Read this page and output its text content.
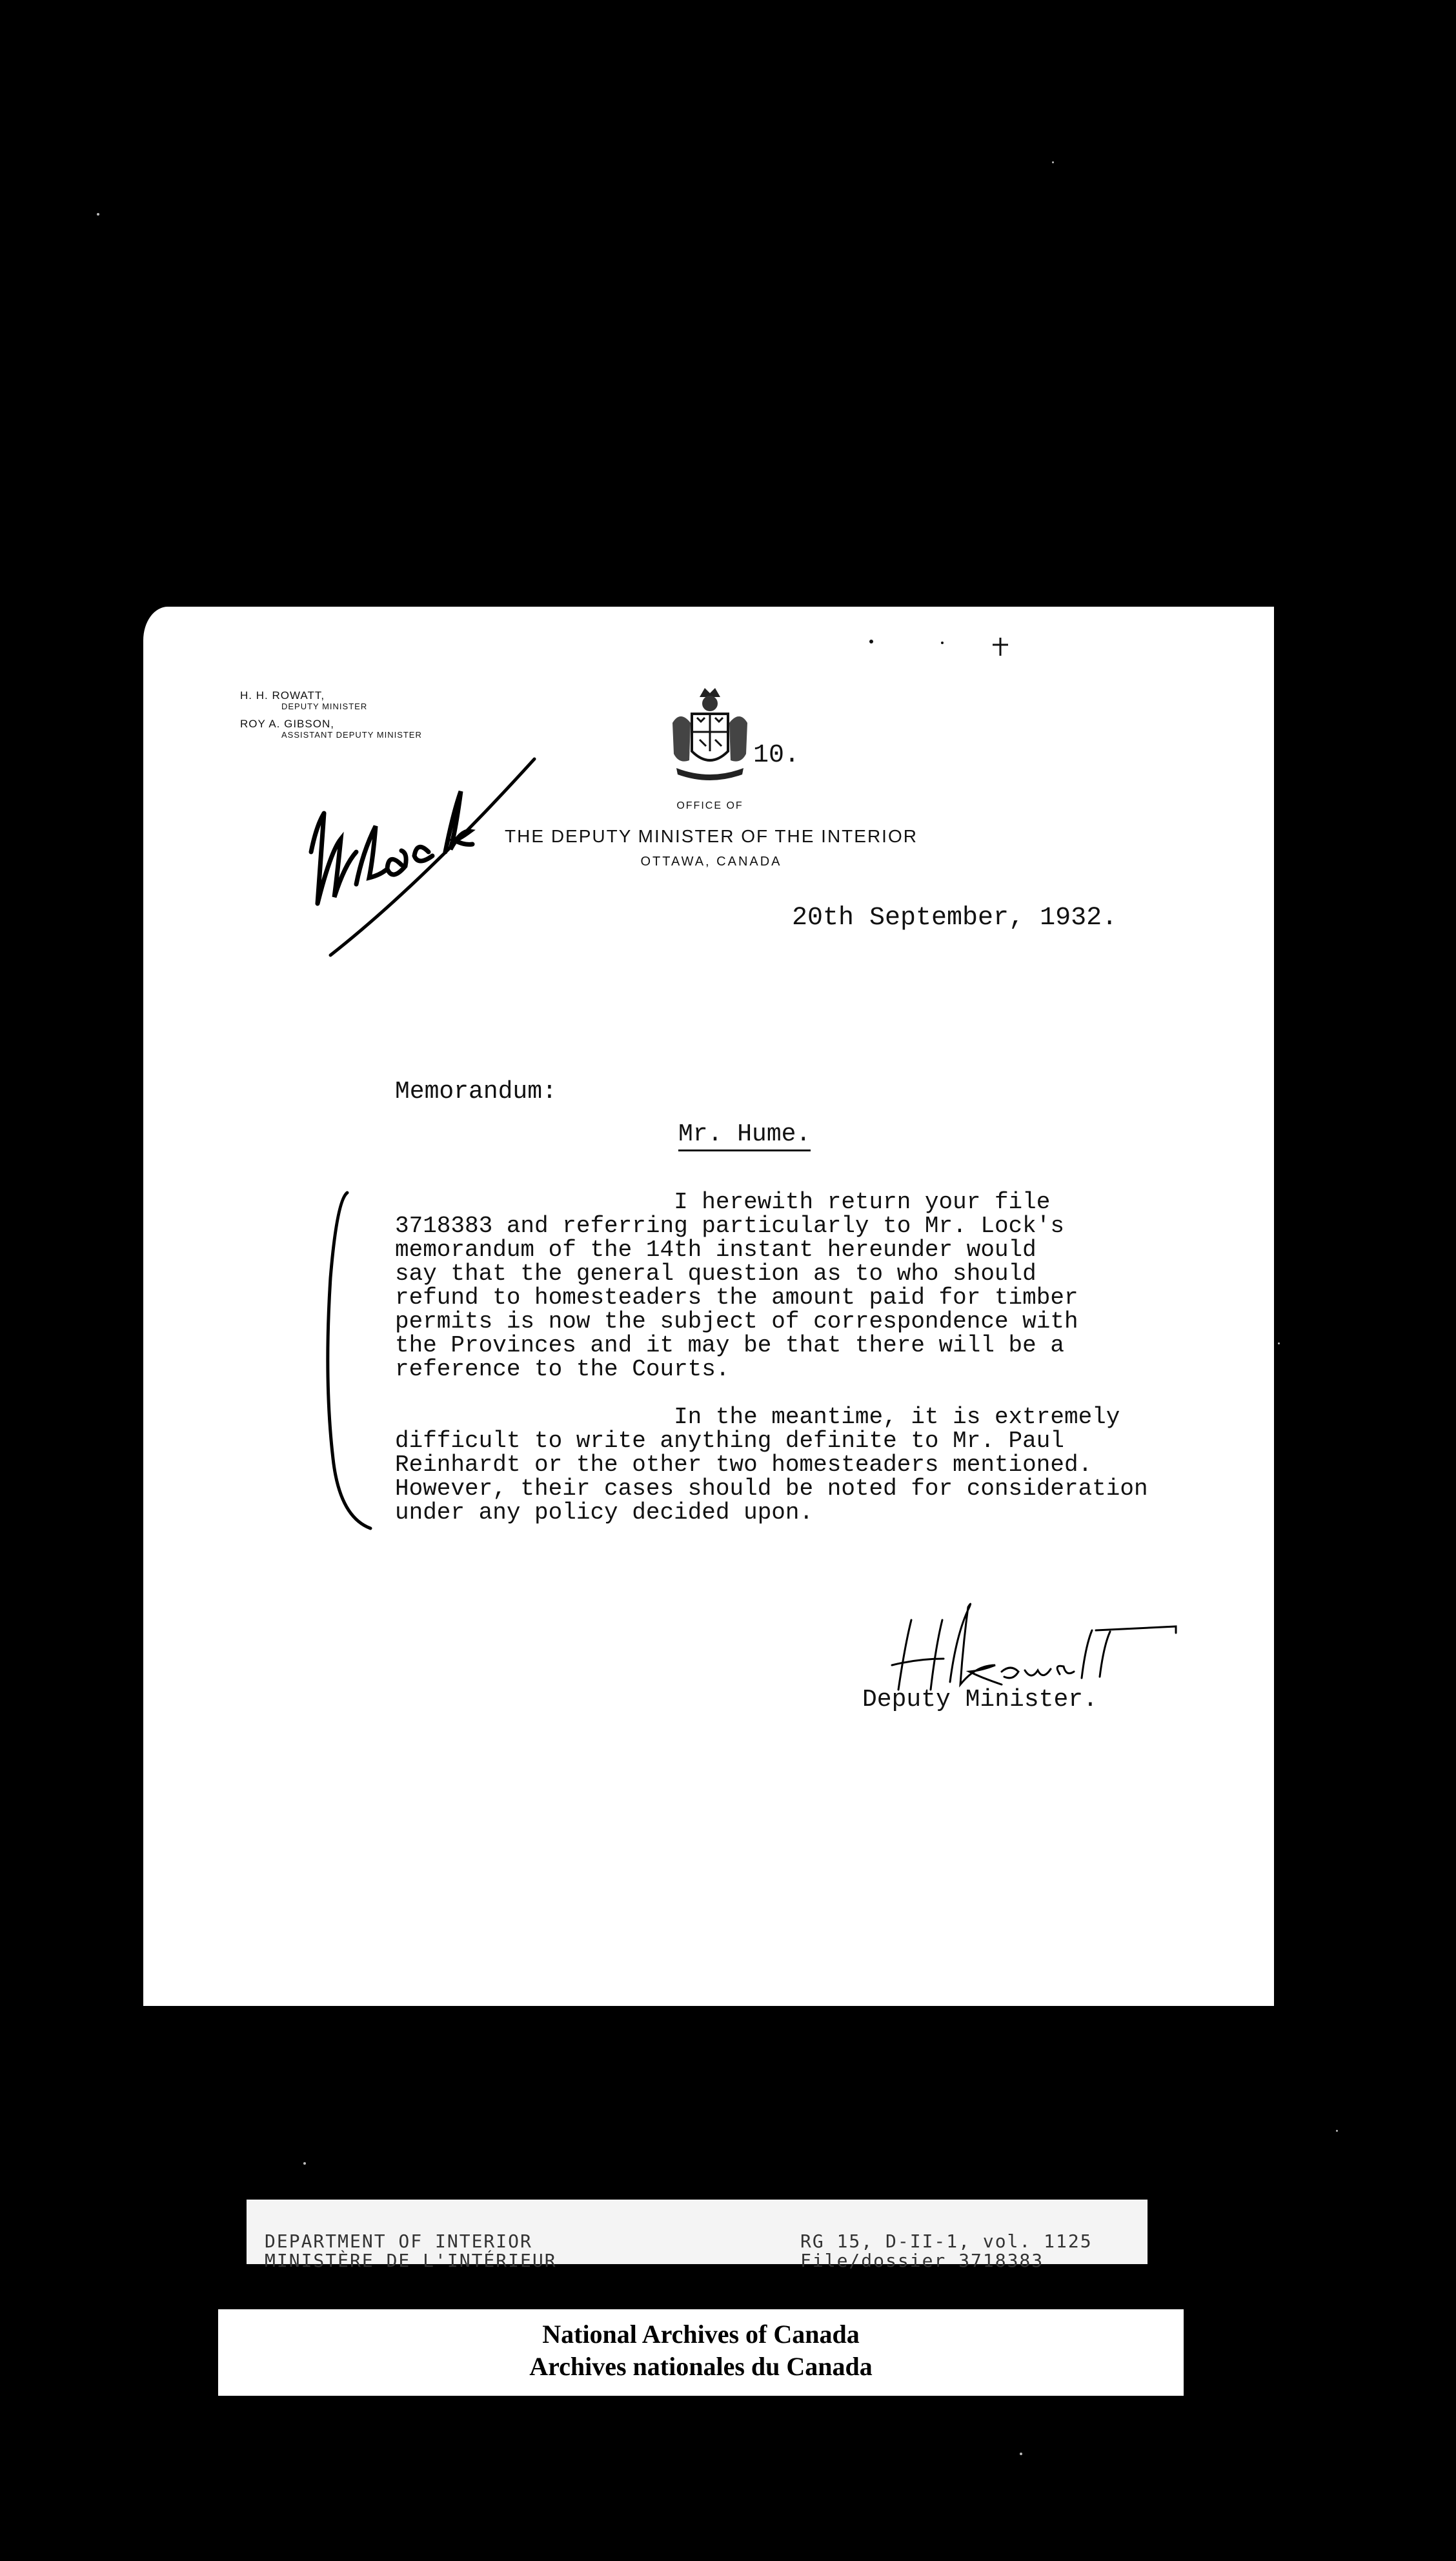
H. H. ROWATT,
DEPUTY MINISTER
ROY A. GIBSON,
ASSISTANT DEPUTY MINISTER
10.
OFFICE OF
THE DEPUTY MINISTER OF THE INTERIOR
OTTAWA, CANADA
20th September, 1932.
Memorandum:
Mr. Hume.
I herewith return your file
3718383 and referring particularly to Mr. Lock's
memorandum of the 14th instant hereunder would
say that the general question as to who should
refund to homesteaders the amount paid for timber
permits is now the subject of correspondence with
the Provinces and it may be that there will be a
reference to the Courts.

In the meantime, it is extremely
difficult to write anything definite to Mr. Paul
Reinhardt or the other two homesteaders mentioned.
However, their cases should be noted for consideration
under any policy decided upon.
Deputy Minister.
DEPARTMENT OF INTERIOR
MINISTÈRE DE L'INTÉRIEUR
RG 15, D-II-1, vol. 1125
File/dossier 3718383
National Archives of Canada
Archives nationales du Canada
